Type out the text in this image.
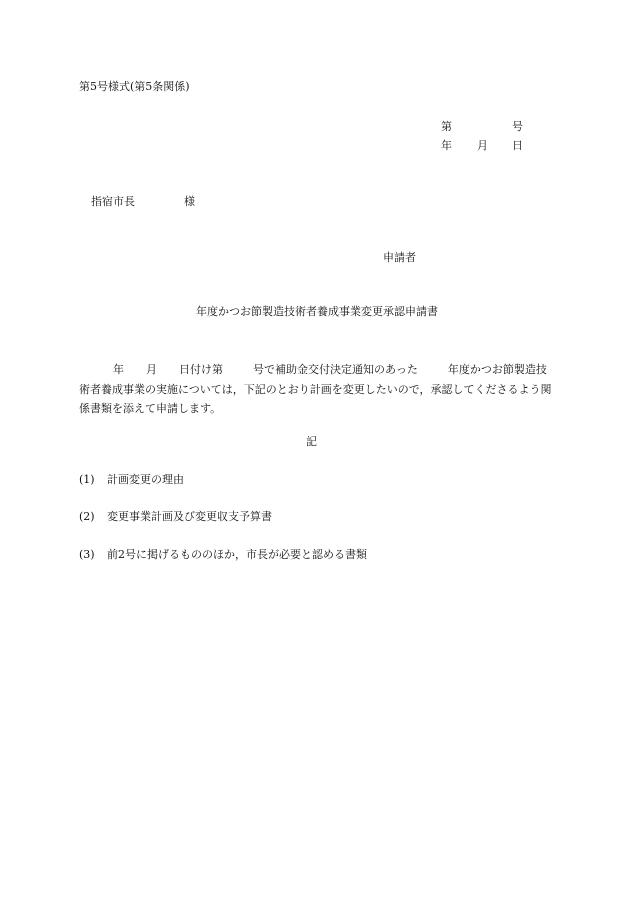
第5号様式(第5条関係)
第	号
年 月 日
指宿市長	様
申請者
年度かつお節製造技術者養成事業変更承認申請書
年 月 日付け第	号で補助金交付決定通知のあった	年度かつお節製造技術者養成事業の実施については，下記のとおり計画を変更したいので，承認してくださるよう関係書類を添えて申請します。
記
(1) 計画変更の理由
(2) 変更事業計画及び変更収支予算書
(3) 前2号に掲げるもののほか，市長が必要と認める書類
